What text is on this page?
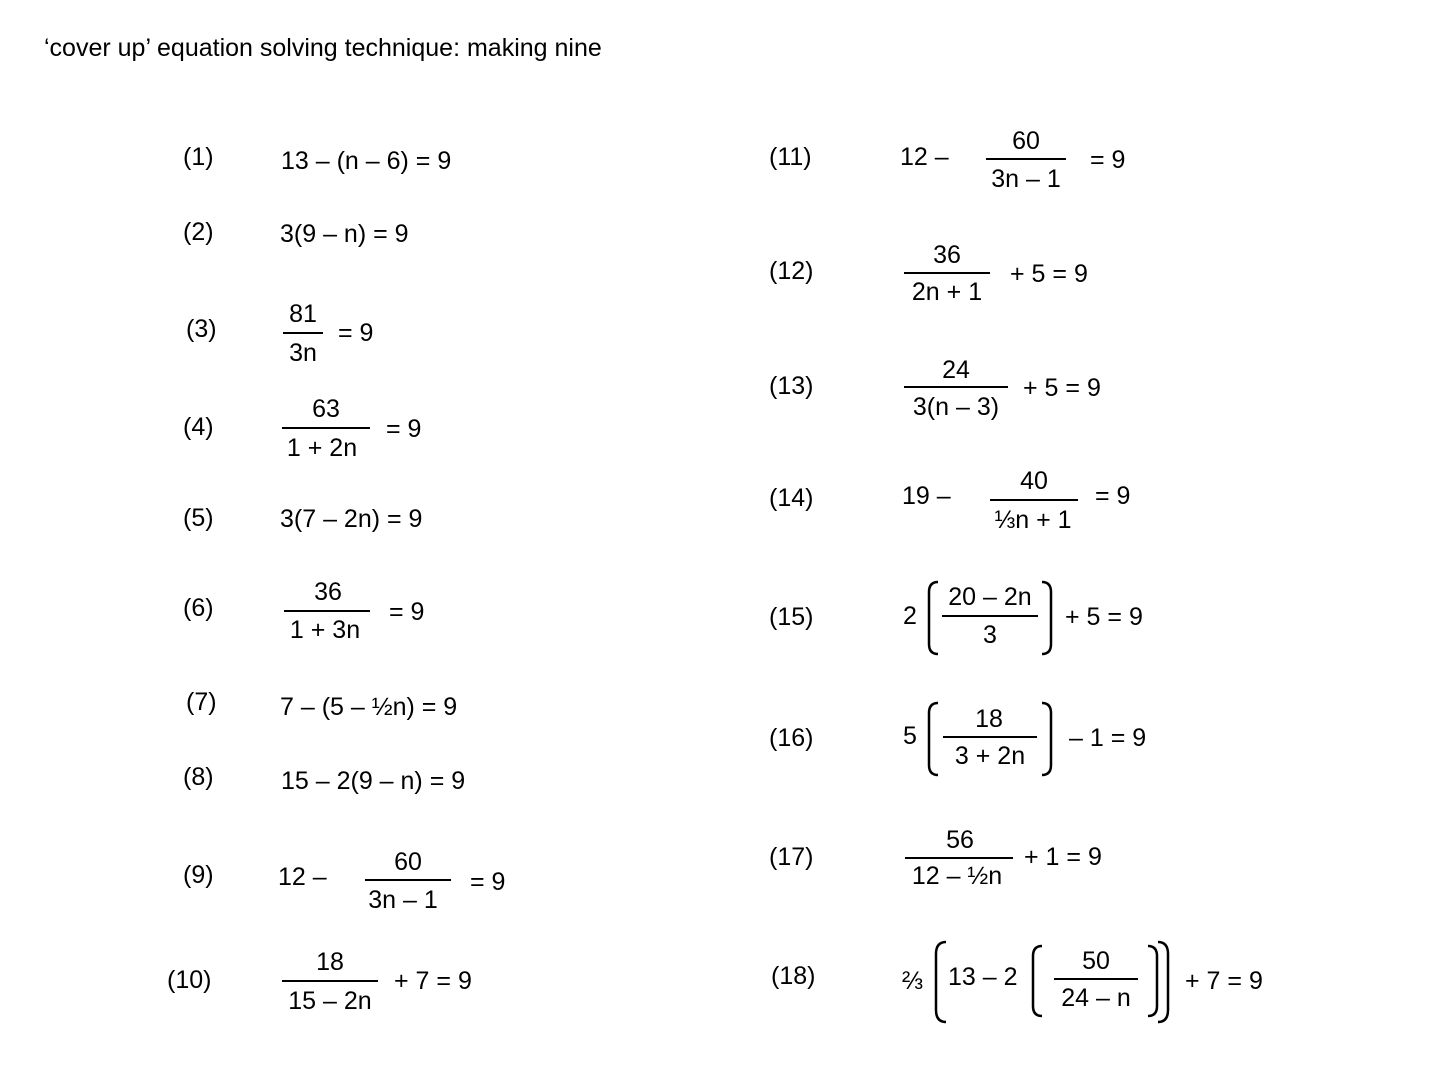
‘cover up’ equation solving technique: making nine
(1)	13 – (n – 6) = 9
(2)	3(9 – n) = 9
(3)
81
3n
= 9
(4)
63
1 + 2n
= 9
(5)	3(7 – 2n) = 9
(6)
36
1 + 3n
= 9
(7)	7 – (5 – ½n) = 9
(8)	15 – 2(9 – n) = 9
(9)	12 –
60
3n – 1
= 9
(10)
18
15 – 2n
+ 7 = 9
(11)	12 –
60
3n – 1
= 9
(12)
36
2n + 1
+ 5 = 9
(13)
24
3(n – 3)
+ 5 = 9
(14)	19 –
40
⅓n + 1
= 9
(15)	2
20 – 2n
3
+ 5 = 9
(16)	5
18
3 + 2n
– 1 = 9
(17)
56
12 – ½n
+ 1 = 9
(18)	⅔ 13 – 2
50
24 – n
+ 7 = 9
